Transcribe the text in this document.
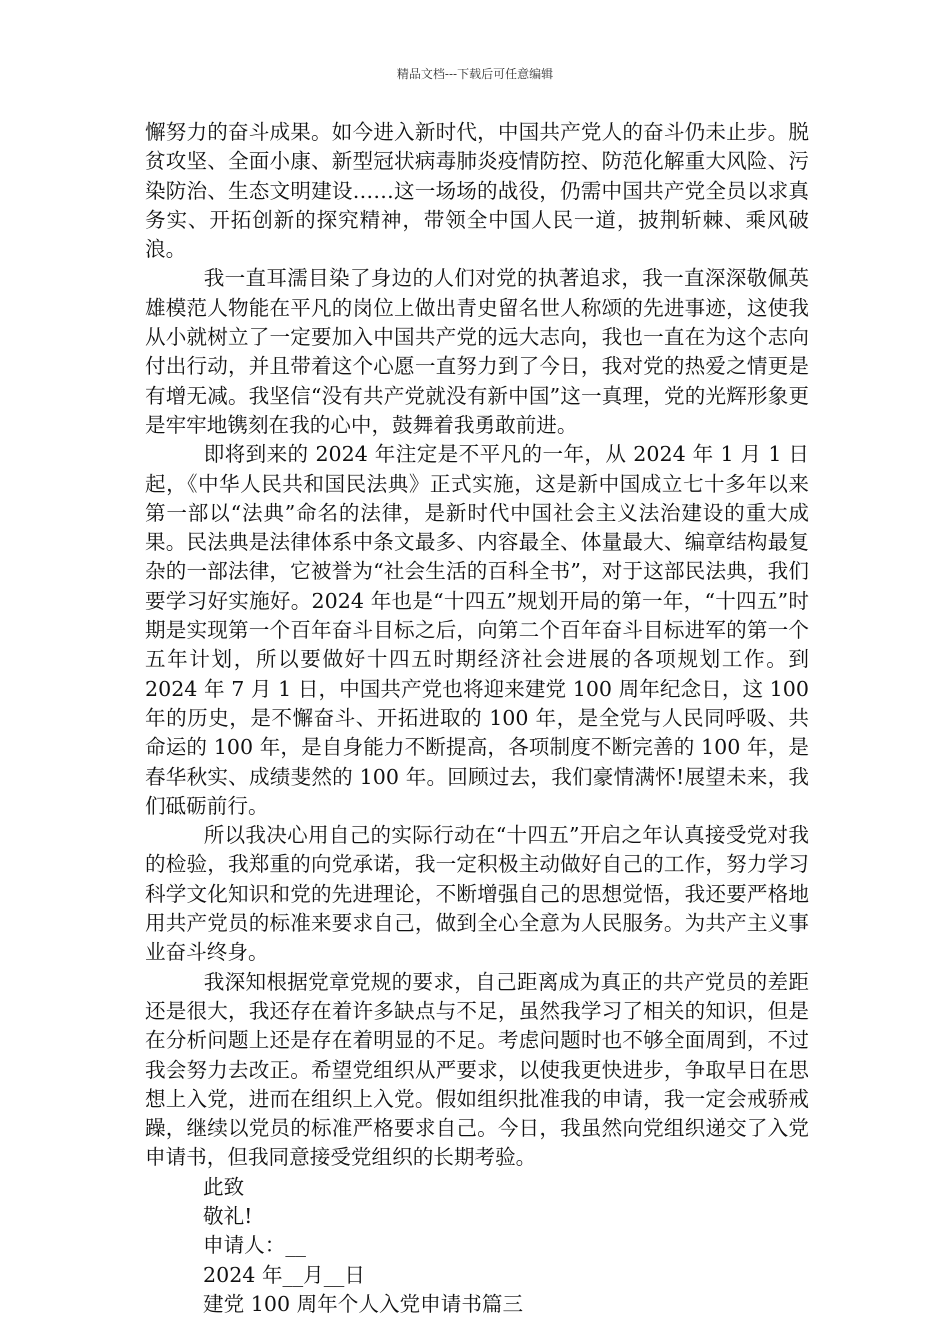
精品文档---下载后可任意编辑

懈努力的奋斗成果。如今进入新时代，中国共产党人的奋斗仍未止步。脱贫攻坚、全面小康、新型冠状病毒肺炎疫情防控、防范化解重大风险、污染防治、生态文明建设……这一场场的战役，仍需中国共产党全员以求真务实、开拓创新的探究精神，带领全中国人民一道，披荆斩棘、乘风破浪。

我一直耳濡目染了身边的人们对党的执著追求，我一直深深敬佩英雄模范人物能在平凡的岗位上做出青史留名世人称颂的先进事迹，这使我从小就树立了一定要加入中国共产党的远大志向，我也一直在为这个志向付出行动，并且带着这个心愿一直努力到了今日，我对党的热爱之情更是有增无减。我坚信“没有共产党就没有新中国”这一真理，党的光辉形象更是牢牢地镌刻在我的心中，鼓舞着我勇敢前进。

即将到来的 2024 年注定是不平凡的一年，从 2024 年 1 月 1 日起，《中华人民共和国民法典》正式实施，这是新中国成立七十多年以来第一部以“法典”命名的法律，是新时代中国社会主义法治建设的重大成果。民法典是法律体系中条文最多、内容最全、体量最大、编章结构最复杂的一部法律，它被誉为“社会生活的百科全书”，对于这部民法典，我们要学习好实施好。2024 年也是“十四五”规划开局的第一年，“十四五”时期是实现第一个百年奋斗目标之后，向第二个百年奋斗目标进军的第一个五年计划，所以要做好十四五时期经济社会进展的各项规划工作。到 2024 年 7 月 1 日，中国共产党也将迎来建党 100 周年纪念日，这 100 年的历史，是不懈奋斗、开拓进取的 100 年，是全党与人民同呼吸、共命运的 100 年，是自身能力不断提高，各项制度不断完善的 100 年，是春华秋实、成绩斐然的 100 年。回顾过去，我们豪情满怀!展望未来，我们砥砺前行。

所以我决心用自己的实际行动在“十四五”开启之年认真接受党对我的检验，我郑重的向党承诺，我一定积极主动做好自己的工作，努力学习科学文化知识和党的先进理论，不断增强自己的思想觉悟，我还要严格地用共产党员的标准来要求自己，做到全心全意为人民服务。为共产主义事业奋斗终身。

我深知根据党章党规的要求，自己距离成为真正的共产党员的差距还是很大，我还存在着许多缺点与不足，虽然我学习了相关的知识，但是在分析问题上还是存在着明显的不足。考虑问题时也不够全面周到，不过我会努力去改正。希望党组织从严要求，以使我更快进步，争取早日在思想上入党，进而在组织上入党。假如组织批准我的申请，我一定会戒骄戒躁，继续以党员的标准严格要求自己。今日，我虽然向党组织递交了入党申请书，但我同意接受党组织的长期考验。

此致

敬礼!

申请人：__

2024 年__月__日

建党 100 周年个人入党申请书篇三
